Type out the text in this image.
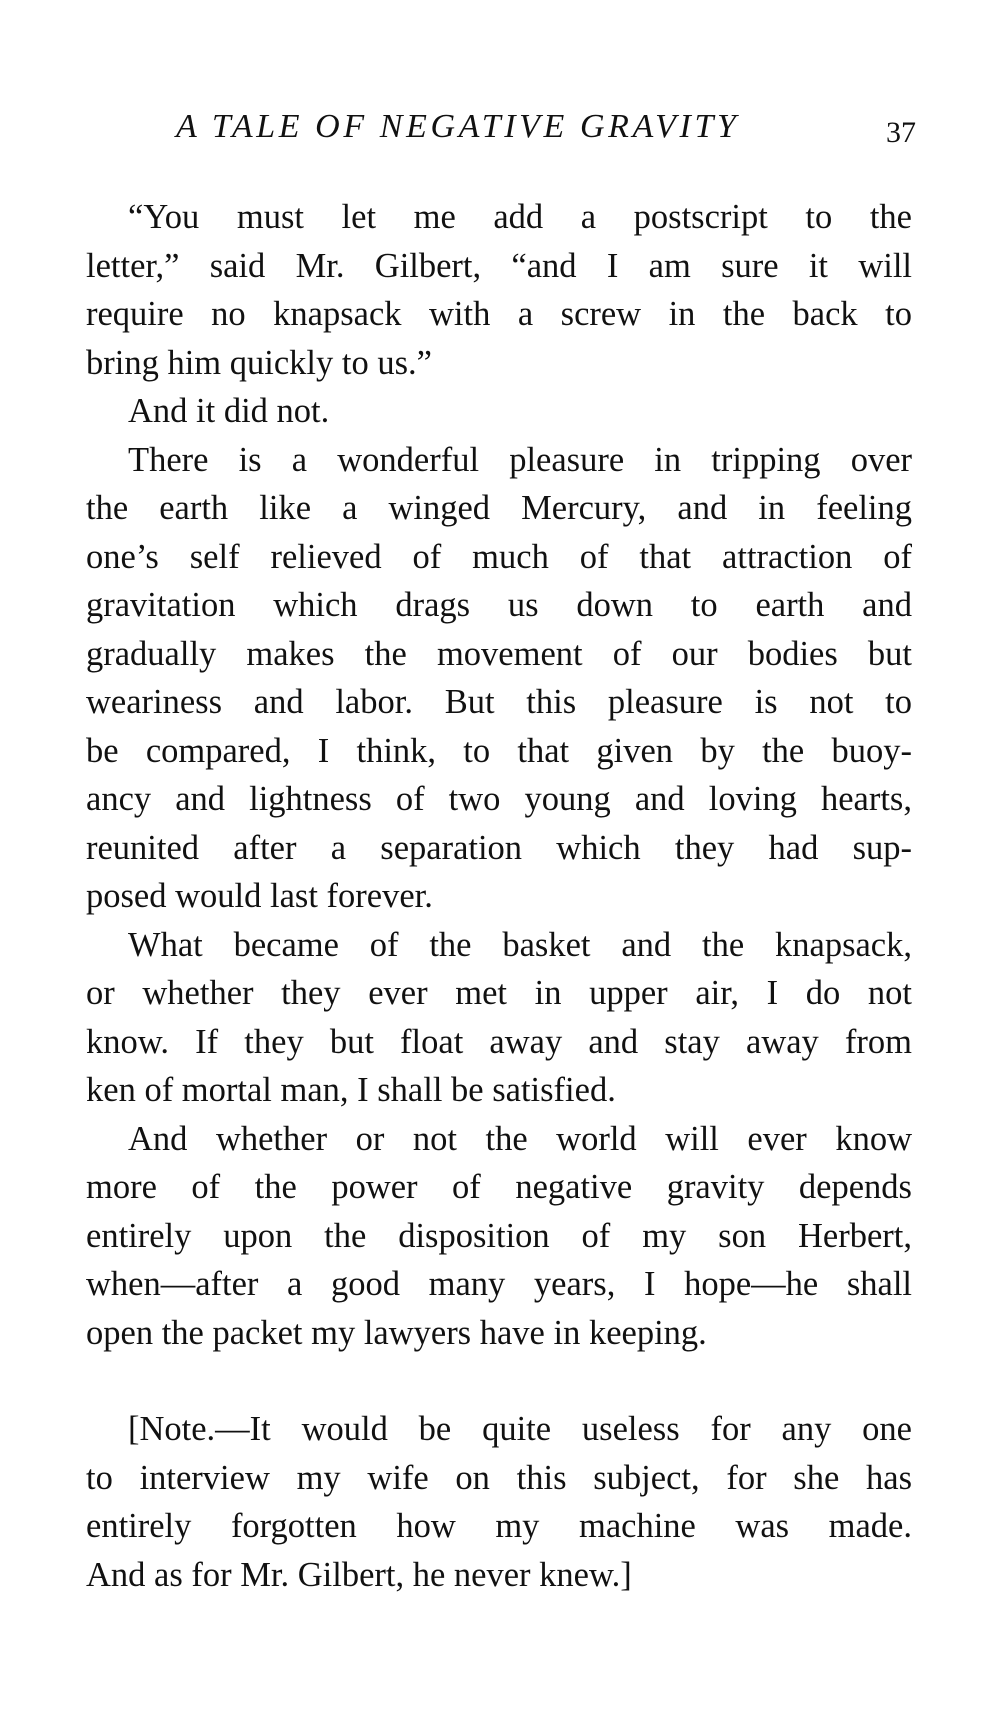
A TALE OF NEGATIVE GRAVITY	37

“You must let me add a postscript to the
letter,” said Mr. Gilbert, “and I am sure it will
require no knapsack with a screw in the back to
bring him quickly to us.”

And it did not.

There is a wonderful pleasure in tripping over
the earth like a winged Mercury, and in feeling
one’s self relieved of much of that attraction of
gravitation which drags us down to earth and
gradually makes the movement of our bodies but
weariness and labor. But this pleasure is not to
be compared, I think, to that given by the buoy-
ancy and lightness of two young and loving hearts,
reunited after a separation which they had sup-
posed would last forever.

What became of the basket and the knapsack,
or whether they ever met in upper air, I do not
know. If they but float away and stay away from
ken of mortal man, I shall be satisfied.

And whether or not the world will ever know
more of the power of negative gravity depends
entirely upon the disposition of my son Herbert,
when—after a good many years, I hope—he shall
open the packet my lawyers have in keeping.

[Note.—It would be quite useless for any one
to interview my wife on this subject, for she has
entirely forgotten how my machine was made.
And as for Mr. Gilbert, he never knew.]
